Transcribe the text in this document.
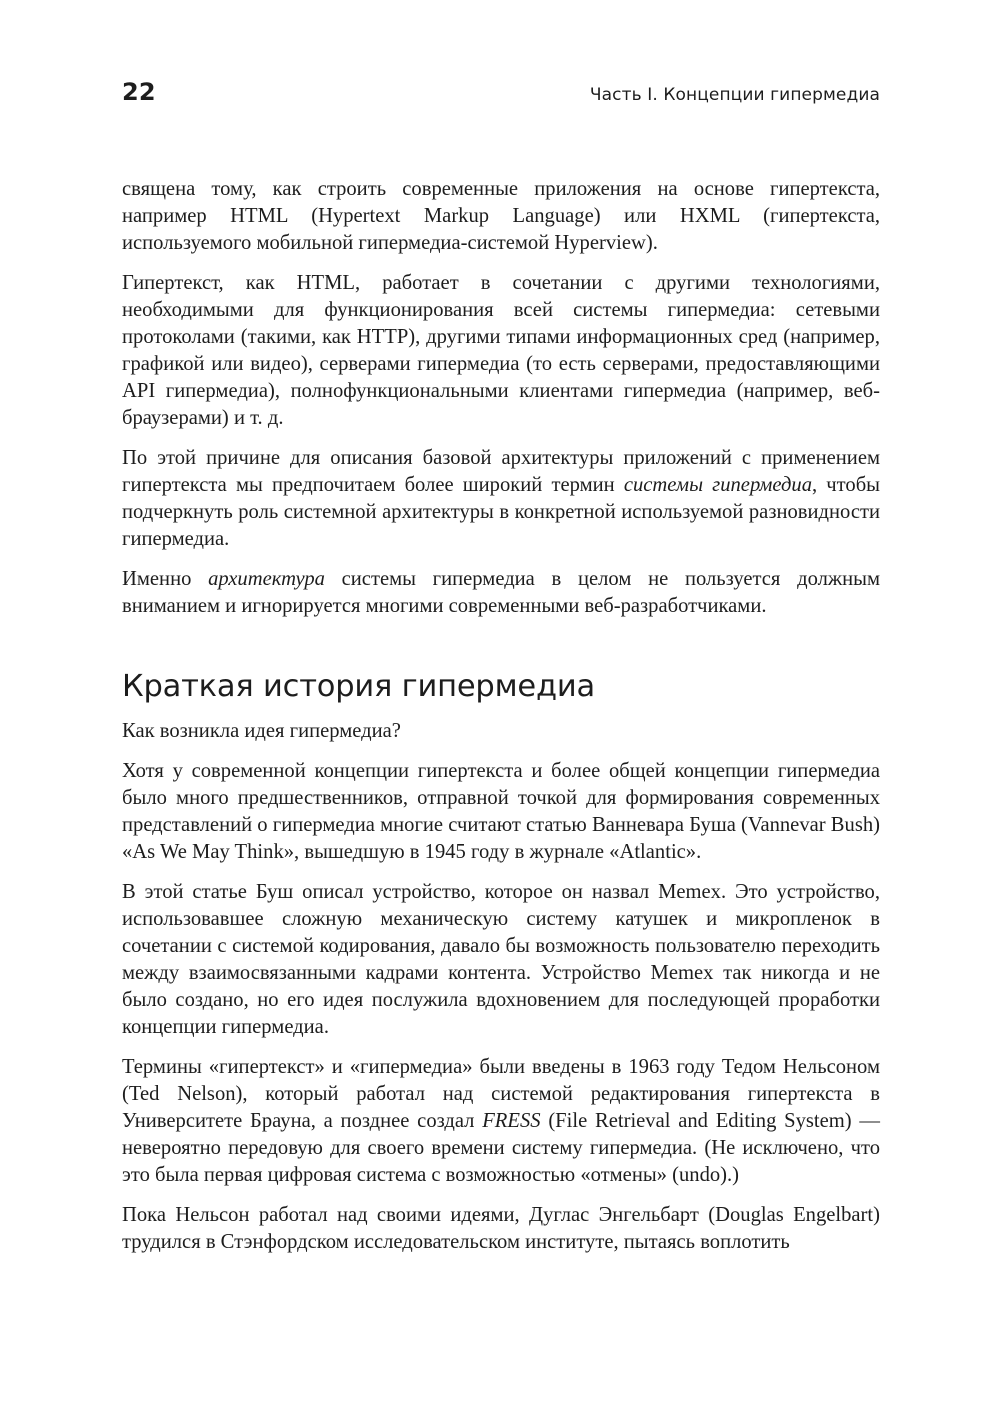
22	Часть I. Концепции гипермедиа

священа тому, как строить современные приложения на основе гипертекста, например HTML (Hypertext Markup Language) или HXML (гипертекста, используемого мобильной гипермедиа-системой Hyperview).

Гипертекст, как HTML, работает в сочетании с другими технологиями, необходимыми для функционирования всей системы гипермедиа: сетевыми протоколами (такими, как HTTP), другими типами информационных сред (например, графикой или видео), серверами гипермедиа (то есть серверами, предоставляющими API гипермедиа), полнофункциональными клиентами гипермедиа (например, веб-браузерами) и т. д.

По этой причине для описания базовой архитектуры приложений с применением гипертекста мы предпочитаем более широкий термин системы гипермедиа, чтобы подчеркнуть роль системной архитектуры в конкретной используемой разновидности гипермедиа.

Именно архитектура системы гипермедиа в целом не пользуется должным вниманием и игнорируется многими современными веб-разработчиками.

Краткая история гипермедиа

Как возникла идея гипермедиа?

Хотя у современной концепции гипертекста и более общей концепции гипермедиа было много предшественников, отправной точкой для формирования современных представлений о гипермедиа многие считают статью Ванневара Буша (Vannevar Bush) «As We May Think», вышедшую в 1945 году в журнале «Atlantic».

В этой статье Буш описал устройство, которое он назвал Memex. Это устройство, использовавшее сложную механическую систему катушек и микропленок в сочетании с системой кодирования, давало бы возможность пользователю переходить между взаимосвязанными кадрами контента. Устройство Memex так никогда и не было создано, но его идея послужила вдохновением для последующей проработки концепции гипермедиа.

Термины «гипертекст» и «гипермедиа» были введены в 1963 году Тедом Нельсоном (Ted Nelson), который работал над системой редактирования гипертекста в Университете Брауна, а позднее создал FRESS (File Retrieval and Editing System) — невероятно передовую для своего времени систему гипермедиа. (Не исключено, что это была первая цифровая система с возможностью «отмены» (undo).)

Пока Нельсон работал над своими идеями, Дуглас Энгельбарт (Douglas Engelbart) трудился в Стэнфордском исследовательском институте, пытаясь воплотить
